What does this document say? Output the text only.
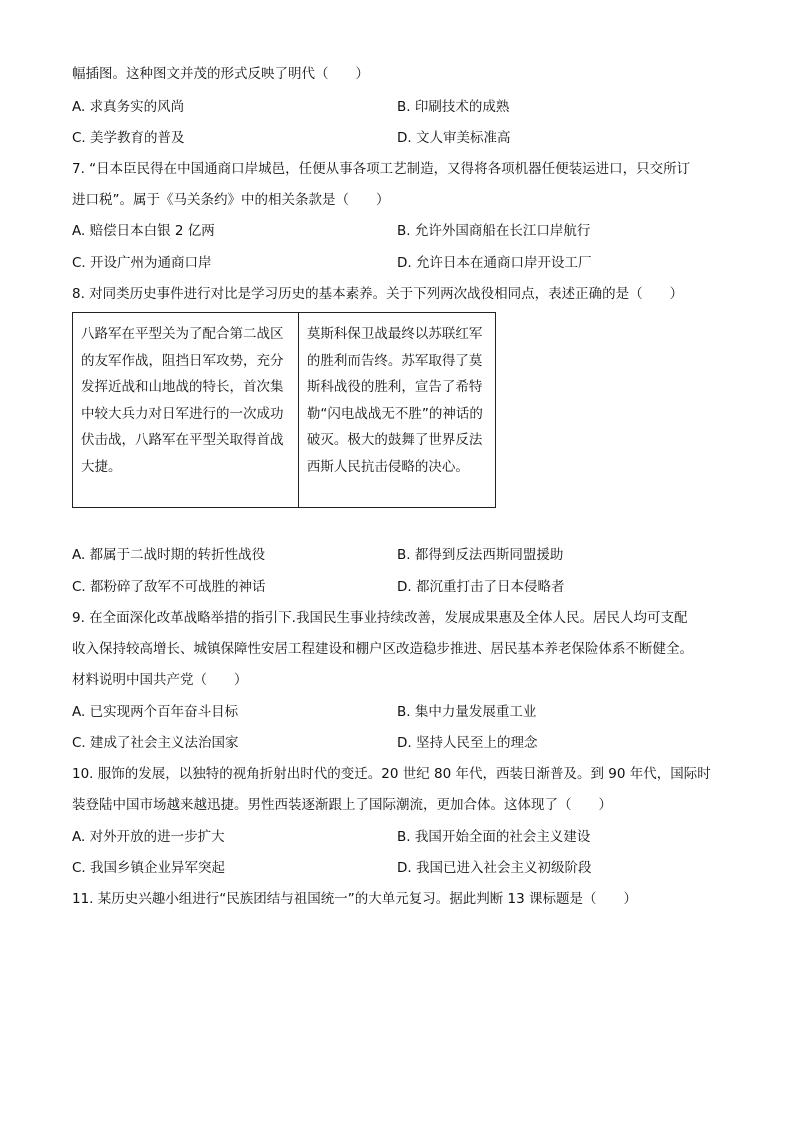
幅插图。这种图文并茂的形式反映了明代（　　）
A. 求真务实的风尚	B. 印刷技术的成熟
C. 美学教育的普及	D. 文人审美标准高
7. “日本臣民得在中国通商口岸城邑，任便从事各项工艺制造，又得将各项机器任便装运进口，只交所订
进口税”。属于《马关条约》中的相关条款是（　　）
A. 赔偿日本白银 2 亿两	B. 允许外国商船在长江口岸航行
C. 开设广州为通商口岸	D. 允许日本在通商口岸开设工厂
8. 对同类历史事件进行对比是学习历史的基本素养。关于下列两次战役相同点，表述正确的是（　　）
八路军在平型关为了配合第二战区的友军作战，阻挡日军攻势，充分发挥近战和山地战的特长，首次集中较大兵力对日军进行的一次成功伏击战，八路军在平型关取得首战大捷。
莫斯科保卫战最终以苏联红军的胜利而告终。苏军取得了莫斯科战役的胜利，宣告了希特勒“闪电战战无不胜”的神话的破灭。极大的鼓舞了世界反法西斯人民抗击侵略的决心。
A. 都属于二战时期的转折性战役	B. 都得到反法西斯同盟援助
C. 都粉碎了敌军不可战胜的神话	D. 都沉重打击了日本侵略者
9. 在全面深化改革战略举措的指引下.我国民生事业持续改善，发展成果惠及全体人民。居民人均可支配
收入保持较高增长、城镇保障性安居工程建设和棚户区改造稳步推进、居民基本养老保险体系不断健全。
材料说明中国共产党（　　）
A. 已实现两个百年奋斗目标	B. 集中力量发展重工业
C. 建成了社会主义法治国家	D. 坚持人民至上的理念
10. 服饰的发展，以独特的视角折射出时代的变迁。20 世纪 80 年代，西装日渐普及。到 90 年代，国际时
装登陆中国市场越来越迅捷。男性西装逐渐跟上了国际潮流，更加合体。这体现了（　　）
A. 对外开放的进一步扩大	B. 我国开始全面的社会主义建设
C. 我国乡镇企业异军突起	D. 我国已进入社会主义初级阶段
11. 某历史兴趣小组进行“民族团结与祖国统一”的大单元复习。据此判断 13 课标题是（　　）
